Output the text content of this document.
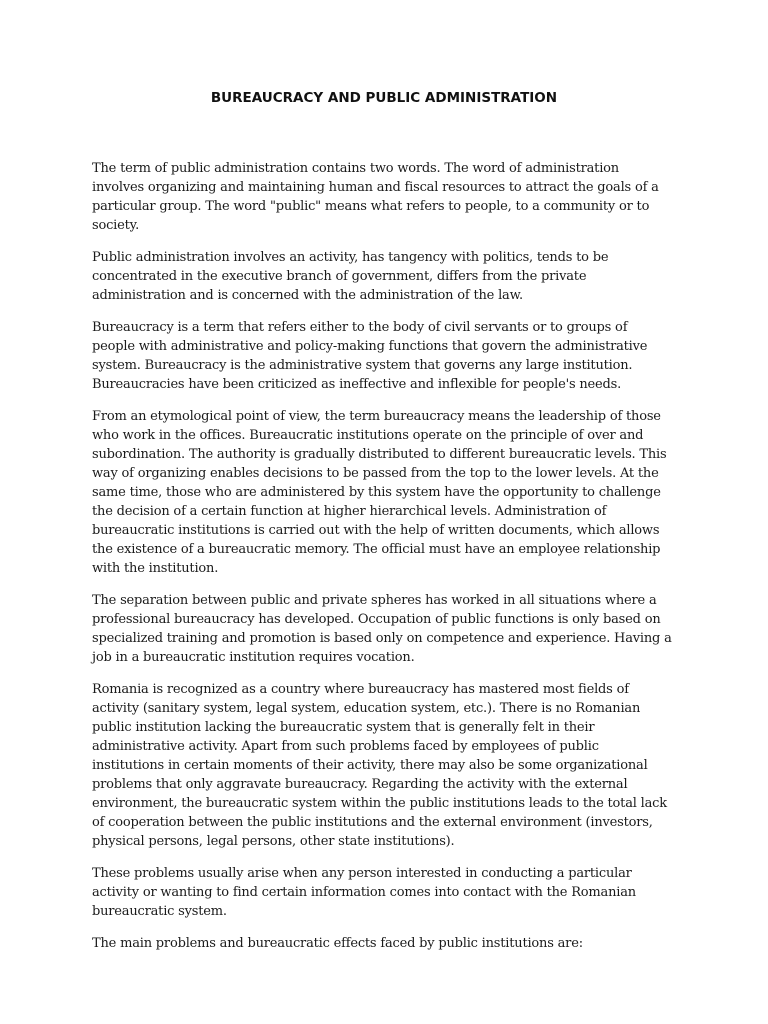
BUREAUCRACY AND PUBLIC ADMINISTRATION

The term of public administration contains two words. The word of administration involves organizing and maintaining human and fiscal resources to attract the goals of a particular group. The word "public" means what refers to people, to a community or to society.

Public administration involves an activity, has tangency with politics, tends to be concentrated in the executive branch of government, differs from the private administration and is concerned with the administration of the law.

Bureaucracy is a term that refers either to the body of civil servants or to groups of people with administrative and policy-making functions that govern the administrative system. Bureaucracy is the administrative system that governs any large institution. Bureaucracies have been criticized as ineffective and inflexible for people's needs.

From an etymological point of view, the term bureaucracy means the leadership of those who work in the offices. Bureaucratic institutions operate on the principle of over and subordination. The authority is gradually distributed to different bureaucratic levels. This way of organizing enables decisions to be passed from the top to the lower levels. At the same time, those who are administered by this system have the opportunity to challenge the decision of a certain function at higher hierarchical levels. Administration of bureaucratic institutions is carried out with the help of written documents, which allows the existence of a bureaucratic memory. The official must have an employee relationship with the institution.

The separation between public and private spheres has worked in all situations where a professional bureaucracy has developed. Occupation of public functions is only based on specialized training and promotion is based only on competence and experience. Having a job in a bureaucratic institution requires vocation.

Romania is recognized as a country where bureaucracy has mastered most fields of activity (sanitary system, legal system, education system, etc.). There is no Romanian public institution lacking the bureaucratic system that is generally felt in their administrative activity. Apart from such problems faced by employees of public institutions in certain moments of their activity, there may also be some organizational problems that only aggravate bureaucracy. Regarding the activity with the external environment, the bureaucratic system within the public institutions leads to the total lack of cooperation between the public institutions and the external environment (investors, physical persons, legal persons, other state institutions).

These problems usually arise when any person interested in conducting a particular activity or wanting to find certain information comes into contact with the Romanian bureaucratic system.

The main problems and bureaucratic effects faced by public institutions are:
